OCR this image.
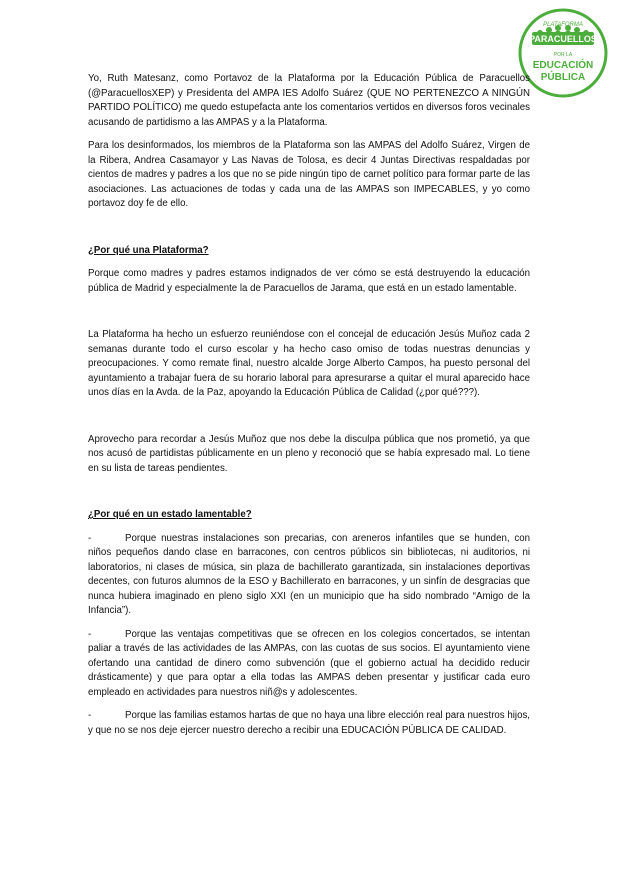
PLATAFORMA
PARACUELLOS
POR LA
EDUCACIÓN
PÚBLICA

Yo, Ruth Matesanz, como Portavoz de la Plataforma por la Educación Pública de Paracuellos (@ParacuellosXEP) y Presidenta del AMPA IES Adolfo Suárez (QUE NO PERTENEZCO A NINGÚN PARTIDO POLÍTICO) me quedo estupefacta ante los comentarios vertidos en diversos foros vecinales acusando de partidismo a las AMPAS y a la Plataforma.

Para los desinformados, los miembros de la Plataforma son las AMPAS del Adolfo Suárez, Virgen de la Ribera, Andrea Casamayor y Las Navas de Tolosa, es decir 4 Juntas Directivas respaldadas por cientos de madres y padres a los que no se pide ningún tipo de carnet político para formar parte de las asociaciones. Las actuaciones de todas y cada una de las AMPAS son IMPECABLES, y yo como portavoz doy fe de ello.

¿Por qué una Plataforma?

Porque como madres y padres estamos indignados de ver cómo se está destruyendo la educación pública de Madrid y especialmente la de Paracuellos de Jarama, que está en un estado lamentable.

La Plataforma ha hecho un esfuerzo reuniéndose con el concejal de educación Jesús Muñoz cada 2 semanas durante todo el curso escolar y ha hecho caso omiso de todas nuestras denuncias y preocupaciones. Y como remate final, nuestro alcalde Jorge Alberto Campos, ha puesto personal del ayuntamiento a trabajar fuera de su horario laboral para apresurarse a quitar el mural aparecido hace unos días en la Avda. de la Paz, apoyando la Educación Pública de Calidad (¿por qué???).

Aprovecho para recordar a Jesús Muñoz que nos debe la disculpa pública que nos prometió, ya que nos acusó de partidistas públicamente en un pleno y reconoció que se había expresado mal. Lo tiene en su lista de tareas pendientes.

¿Por qué en un estado lamentable?

-	Porque nuestras instalaciones son precarias, con areneros infantiles que se hunden, con niños pequeños dando clase en barracones, con centros públicos sin bibliotecas, ni auditorios, ni laboratorios, ni clases de música, sin plaza de bachillerato garantizada, sin instalaciones deportivas decentes, con futuros alumnos de la ESO y Bachillerato en barracones, y un sinfín de desgracias que nunca hubiera imaginado en pleno siglo XXI (en un municipio que ha sido nombrado “Amigo de la Infancia”).

-	Porque las ventajas competitivas que se ofrecen en los colegios concertados, se intentan paliar a través de las actividades de las AMPAs, con las cuotas de sus socios. El ayuntamiento viene ofertando una cantidad de dinero como subvención (que el gobierno actual ha decidido reducir drásticamente) y que para optar a ella todas las AMPAS deben presentar y justificar cada euro empleado en actividades para nuestros niñ@s y adolescentes.

-	Porque las familias estamos hartas de que no haya una libre elección real para nuestros hijos, y que no se nos deje ejercer nuestro derecho a recibir una EDUCACIÓN PÚBLICA DE CALIDAD.
